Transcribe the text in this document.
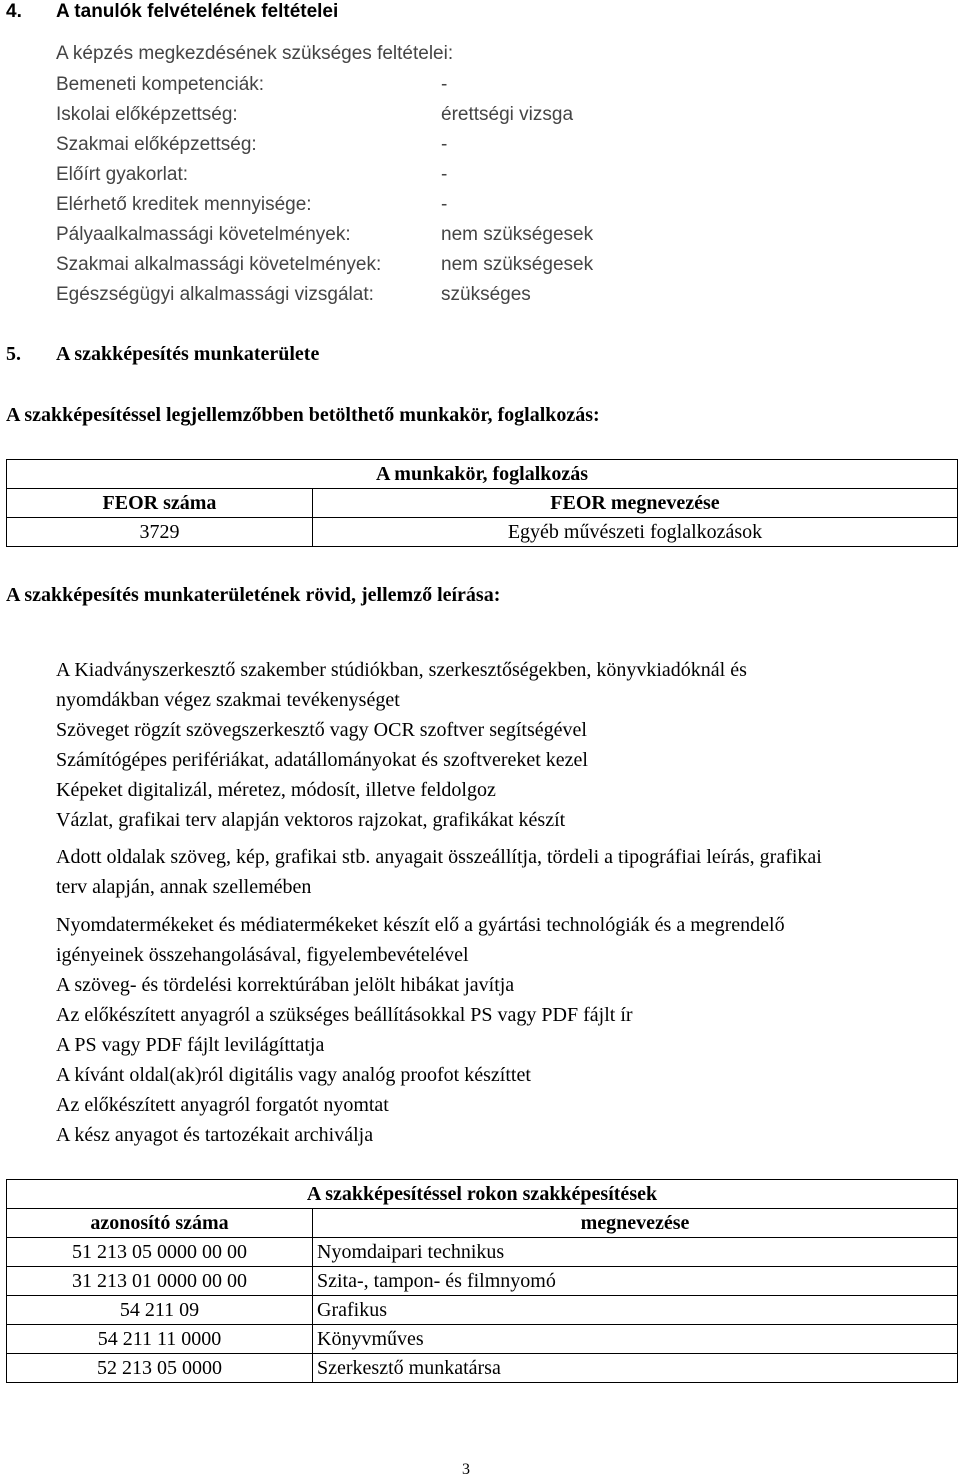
4. A tanulók felvételének feltételei
A képzés megkezdésének szükséges feltételei:
Bemeneti kompetenciák:	-
Iskolai előképzettség:	érettségi vizsga
Szakmai előképzettség:	-
Előírt gyakorlat:	-
Elérhető kreditek mennyisége:	-
Pályaalkalmassági követelmények:	nem szükségesek
Szakmai alkalmassági követelmények:	nem szükségesek
Egészségügyi alkalmassági vizsgálat:	szükséges
5. A szakképesítés munkaterülete
A szakképesítéssel legjellemzőbben betölthető munkakör, foglalkozás:
A munkakör, foglalkozás	
FEOR száma	FEOR megnevezése
3729	Egyéb művészeti foglalkozások
A szakképesítés munkaterületének rövid, jellemző leírása:
A Kiadványszerkesztő szakember stúdiókban, szerkesztőségekben, könyvkiadóknál és
nyomdákban végez szakmai tevékenységet
Szöveget rögzít szövegszerkesztő vagy OCR szoftver segítségével
Számítógépes perifériákat, adatállományokat és szoftvereket kezel
Képeket digitalizál, méretez, módosít, illetve feldolgoz
Vázlat, grafikai terv alapján vektoros rajzokat, grafikákat készít
Adott oldalak szöveg, kép, grafikai stb. anyagait összeállítja, tördeli a tipográfiai leírás, grafikai
terv alapján, annak szellemében
Nyomdatermékeket és médiatermékeket készít elő a gyártási technológiák és a megrendelő
igényeinek összehangolásával, figyelembevételével
A szöveg- és tördelési korrektúrában jelölt hibákat javítja
Az előkészített anyagról a szükséges beállításokkal PS vagy PDF fájlt ír
A PS vagy PDF fájlt levilágíttatja
A kívánt oldal(ak)ról digitális vagy analóg proofot készíttet
Az előkészített anyagról forgatót nyomtat
A kész anyagot és tartozékait archiválja
A szakképesítéssel rokon szakképesítések	
azonosító száma	megnevezése
51 213 05 0000 00 00	Nyomdaipari technikus
31 213 01 0000 00 00	Szita-, tampon- és filmnyomó
54 211 09	Grafikus
54 211 11 0000	Könyvműves
52 213 05 0000	Szerkesztő munkatársa
3
